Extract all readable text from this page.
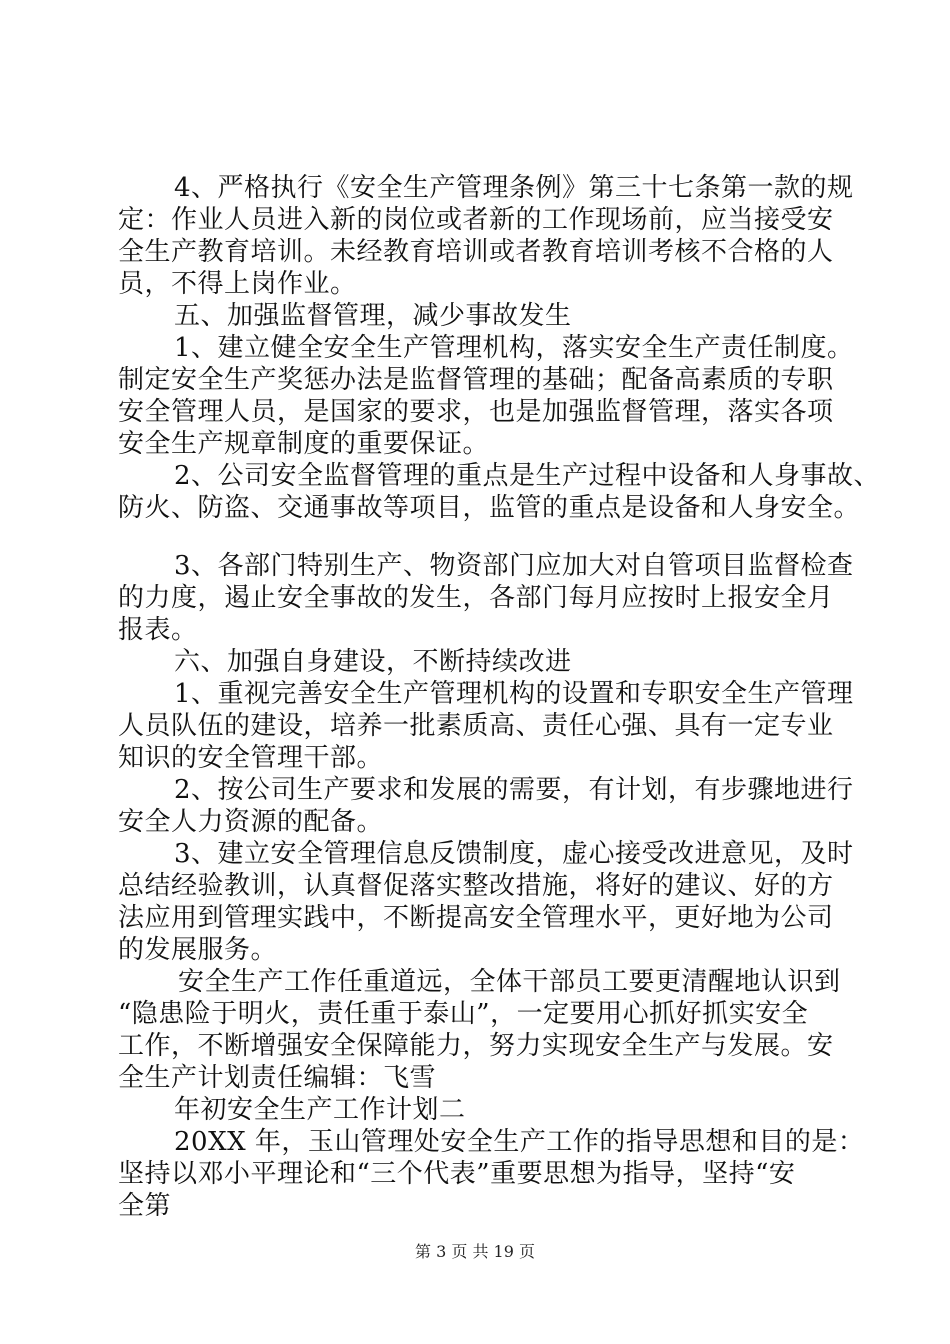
4、严格执行《安全生产管理条例》第三十七条第一款的规
定：作业人员进入新的岗位或者新的工作现场前，应当接受安
全生产教育培训。未经教育培训或者教育培训考核不合格的人
员，不得上岗作业。
五、加强监督管理，减少事故发生
1、建立健全安全生产管理机构，落实安全生产责任制度。
制定安全生产奖惩办法是监督管理的基础；配备高素质的专职
安全管理人员，是国家的要求，也是加强监督管理，落实各项
安全生产规章制度的重要保证。
2、公司安全监督管理的重点是生产过程中设备和人身事故、
防火、防盗、交通事故等项目，监管的重点是设备和人身安全。
3、各部门特别生产、物资部门应加大对自管项目监督检查
的力度，遏止安全事故的发生，各部门每月应按时上报安全月
报表。
六、加强自身建设，不断持续改进
1、重视完善安全生产管理机构的设置和专职安全生产管理
人员队伍的建设，培养一批素质高、责任心强、具有一定专业
知识的安全管理干部。
2、按公司生产要求和发展的需要，有计划，有步骤地进行
安全人力资源的配备。
3、建立安全管理信息反馈制度，虚心接受改进意见，及时
总结经验教训，认真督促落实整改措施，将好的建议、好的方
法应用到管理实践中，不断提高安全管理水平，更好地为公司
的发展服务。
安全生产工作任重道远，全体干部员工要更清醒地认识到
“隐患险于明火，责任重于泰山”，一定要用心抓好抓实安全
工作，不断增强安全保障能力，努力实现安全生产与发展。安
全生产计划责任编辑：飞雪
年初安全生产工作计划二
20XX 年，玉山管理处安全生产工作的指导思想和目的是：
坚持以邓小平理论和“三个代表”重要思想为指导，坚持“安
全第
第 3 页 共 19 页
